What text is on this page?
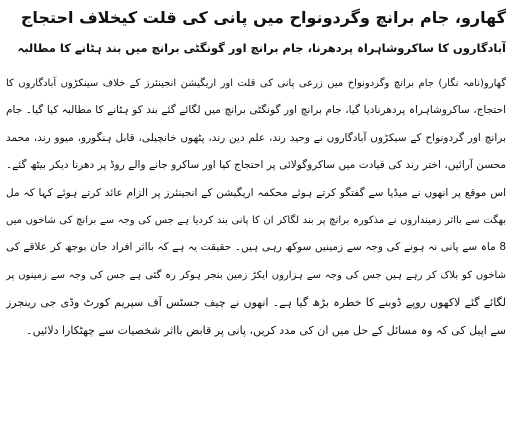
گھارو، جام برانچ وگردونواح میں پانی کی قلت کیخلاف احتجاج
آبادگاروں کا ساکروشاہراہ پردھرنا، جام برانچ اور گونگٹی برانچ میں بند ہٹانے کا مطالبہ
گھارو(نامہ نگار) جام برانچ وگردونواح میں زرعی پانی کی قلت اور اریگیشن انجینئرز کے خلاف سینکڑوں آبادگاروں کا
احتجاج، ساکروشاہراہ پردھرنادیا گیا، جام برانچ اور گونگٹی برانچ میں لگائے گئے بند کو ہٹانے کا مطالبہ کیا گیا۔ جام
برانچ اور گردونواح کے سیکڑوں آبادگاروں نے وحید رند، علم دین رند، پٹھوں خانچیلی، قابل ہنگورو، میوو رند، محمد
محسن آرائیں، اختر رند کی قیادت میں ساکروگولائی پر احتجاج کیا اور ساکرو جانے والے روڈ پر دھرنا دیکر بیٹھ گئے۔
اس موقع پر انھوں نے میڈیا سے گفتگو کرتے ہوئے محکمہ اریگیشن کے انجینئرز پر الزام عائد کرتے ہوئے کہا کہ مل
بھگت سے بااثر زمینداروں نے مذکورہ برانچ پر بند لگاکر ان کا پانی بند کردیا ہے جس کی وجہ سے برانچ کی شاخوں میں
8 ماہ سے پانی نہ ہونے کی وجہ سے زمینیں سوکھ رہی ہیں۔ حقیقت یہ ہے کہ بااثر افراد جان بوجھ کر علاقے کی
شاخوں کو بلاک کر رہے ہیں جس کی وجہ سے ہزاروں ایکڑ زمین بنجر ہوکر رہ گئی ہے جس کی وجہ سے زمینوں پر
لگائے گئے لاکھوں روپے ڈوبنے کا خطرہ بڑھ گیا ہے۔ انھوں نے چیف جسٹس آف سپریم کورٹ وڈی جی رینجرز
سے اپیل کی کہ وہ مسائل کے حل میں ان کی مدد کریں، پانی پر قابض بااثر شخصیات سے چھٹکارا دلائیں۔
